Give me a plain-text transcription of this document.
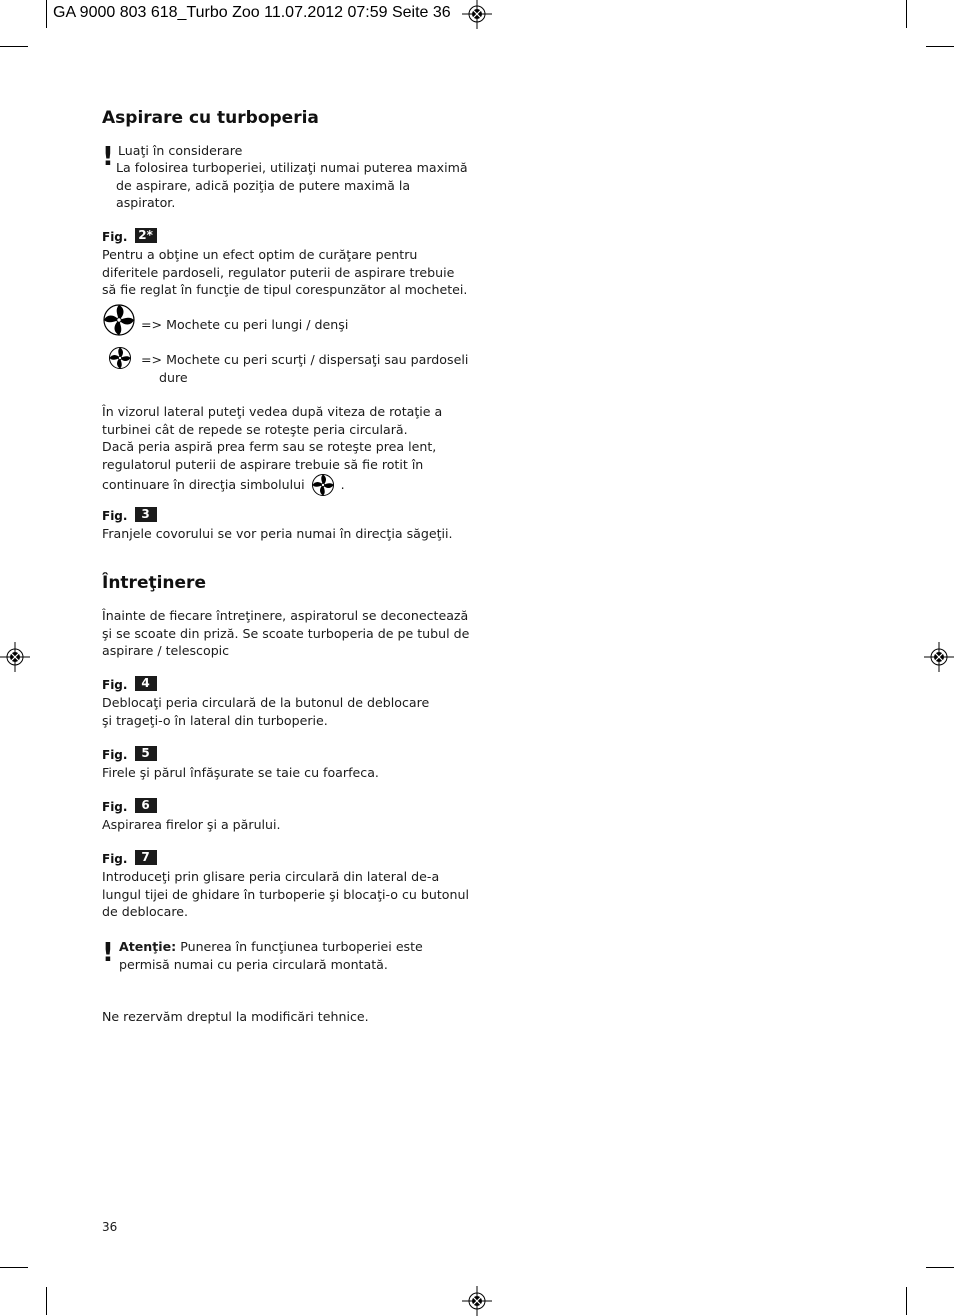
GA 9000 803 618_Turbo Zoo 11.07.2012 07:59 Seite 36
Aspirare cu turboperia
! Luaţi în considerare
La folosirea turboperiei, utilizaţi numai puterea maximă
de aspirare, adică poziţia de putere maximă la
aspirator.
Fig. 2*
Pentru a obţine un efect optim de curăţare pentru
diferitele pardoseli, regulator puterii de aspirare trebuie
să fie reglat în funcţie de tipul corespunzător al mochetei.
=> Mochete cu peri lungi / denşi
=> Mochete cu peri scurţi / dispersaţi sau pardoseli
dure
În vizorul lateral puteţi vedea după viteza de rotaţie a
turbinei cât de repede se roteşte peria circulară.
Dacă peria aspiră prea ferm sau se roteşte prea lent,
regulatorul puterii de aspirare trebuie să fie rotit în
continuare în direcţia simbolului	.
Fig. 3
Franjele covorului se vor peria numai în direcţia săgeţii.
Întreţinere
Înainte de fiecare întreţinere, aspiratorul se deconectează
şi se scoate din priză. Se scoate turboperia de pe tubul de
aspirare / telescopic
Fig. 4
Deblocaţi peria circulară de la butonul de deblocare
şi trageţi-o în lateral din turboperie.
Fig. 5
Firele şi părul înfăşurate se taie cu foarfeca.
Fig. 6
Aspirarea firelor şi a părului.
Fig. 7
Introduceţi prin glisare peria circulară din lateral de-a
lungul tijei de ghidare în turboperie şi blocaţi-o cu butonul
de deblocare.
! Atenţie: Punerea în funcţiunea turboperiei este
permisă numai cu peria circulară montată.
Ne rezervăm dreptul la modificări tehnice.
36
